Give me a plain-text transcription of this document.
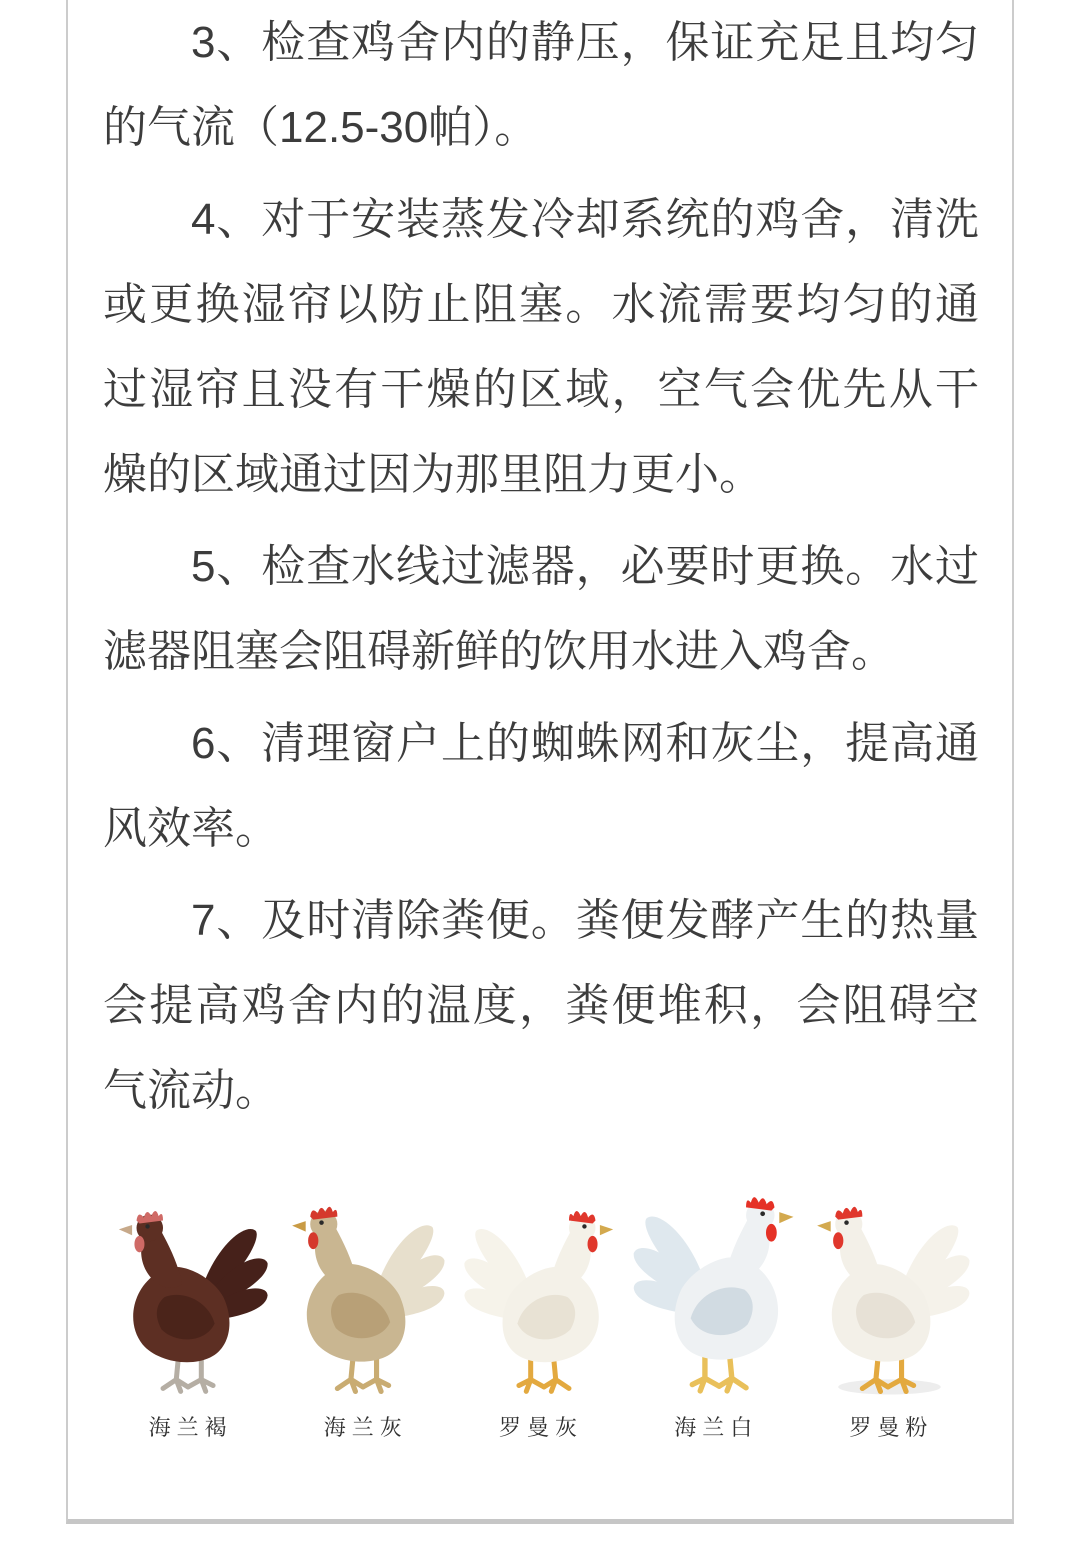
3、检查鸡舍内的静压，保证充足且均匀的气流（12.5-30帕）。

4、对于安装蒸发冷却系统的鸡舍，清洗或更换湿帘以防止阻塞。水流需要均匀的通过湿帘且没有干燥的区域，空气会优先从干燥的区域通过因为那里阻力更小。

5、检查水线过滤器，必要时更换。水过滤器阻塞会阻碍新鲜的饮用水进入鸡舍。

6、清理窗户上的蜘蛛网和灰尘，提高通风效率。

7、及时清除粪便。粪便发酵产生的热量会提高鸡舍内的温度，粪便堆积，会阻碍空气流动。

海兰褐	海兰灰	罗曼灰	海兰白	罗曼粉
